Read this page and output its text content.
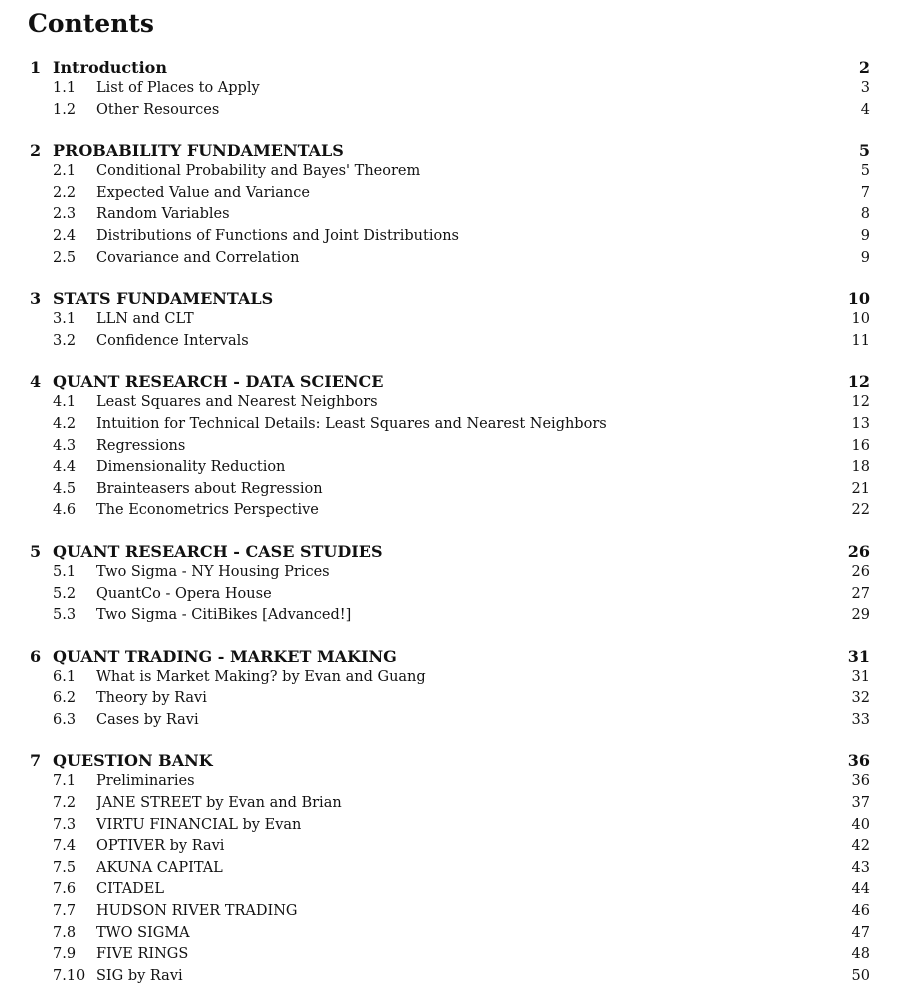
Contents
1 Introduction	2
1.1 List of Places to Apply . . .	3
1.2 Other Resources . . .	4
2 PROBABILITY FUNDAMENTALS	5
2.1 Conditional Probability and Bayes' Theorem . . .	5
2.2 Expected Value and Variance . . .	7
2.3 Random Variables . . .	8
2.4 Distributions of Functions and Joint Distributions . . .	9
2.5 Covariance and Correlation . . .	9
3 STATS FUNDAMENTALS	10
3.1 LLN and CLT . . .	10
3.2 Confidence Intervals . . .	11
4 QUANT RESEARCH - DATA SCIENCE	12
4.1 Least Squares and Nearest Neighbors . . .	12
4.2 Intuition for Technical Details: Least Squares and Nearest Neighbors . . .	13
4.3 Regressions . . .	16
4.4 Dimensionality Reduction . . .	18
4.5 Brainteasers about Regression . . .	21
4.6 The Econometrics Perspective . . .	22
5 QUANT RESEARCH - CASE STUDIES	26
5.1 Two Sigma - NY Housing Prices . . .	26
5.2 QuantCo - Opera House . . .	27
5.3 Two Sigma - CitiBikes [Advanced!] . . .	29
6 QUANT TRADING - MARKET MAKING	31
6.1 What is Market Making? by Evan and Guang . . .	31
6.2 Theory by Ravi . . .	32
6.3 Cases by Ravi . . .	33
7 QUESTION BANK	36
7.1 Preliminaries . . .	36
7.2 JANE STREET by Evan and Brian . . .	37
7.3 VIRTU FINANCIAL by Evan . . .	40
7.4 OPTIVER by Ravi . . .	42
7.5 AKUNA CAPITAL . . .	43
7.6 CITADEL . . .	44
7.7 HUDSON RIVER TRADING . . .	46
7.8 TWO SIGMA . . .	47
7.9 FIVE RINGS . . .	48
7.10 SIG by Ravi . . .	50
